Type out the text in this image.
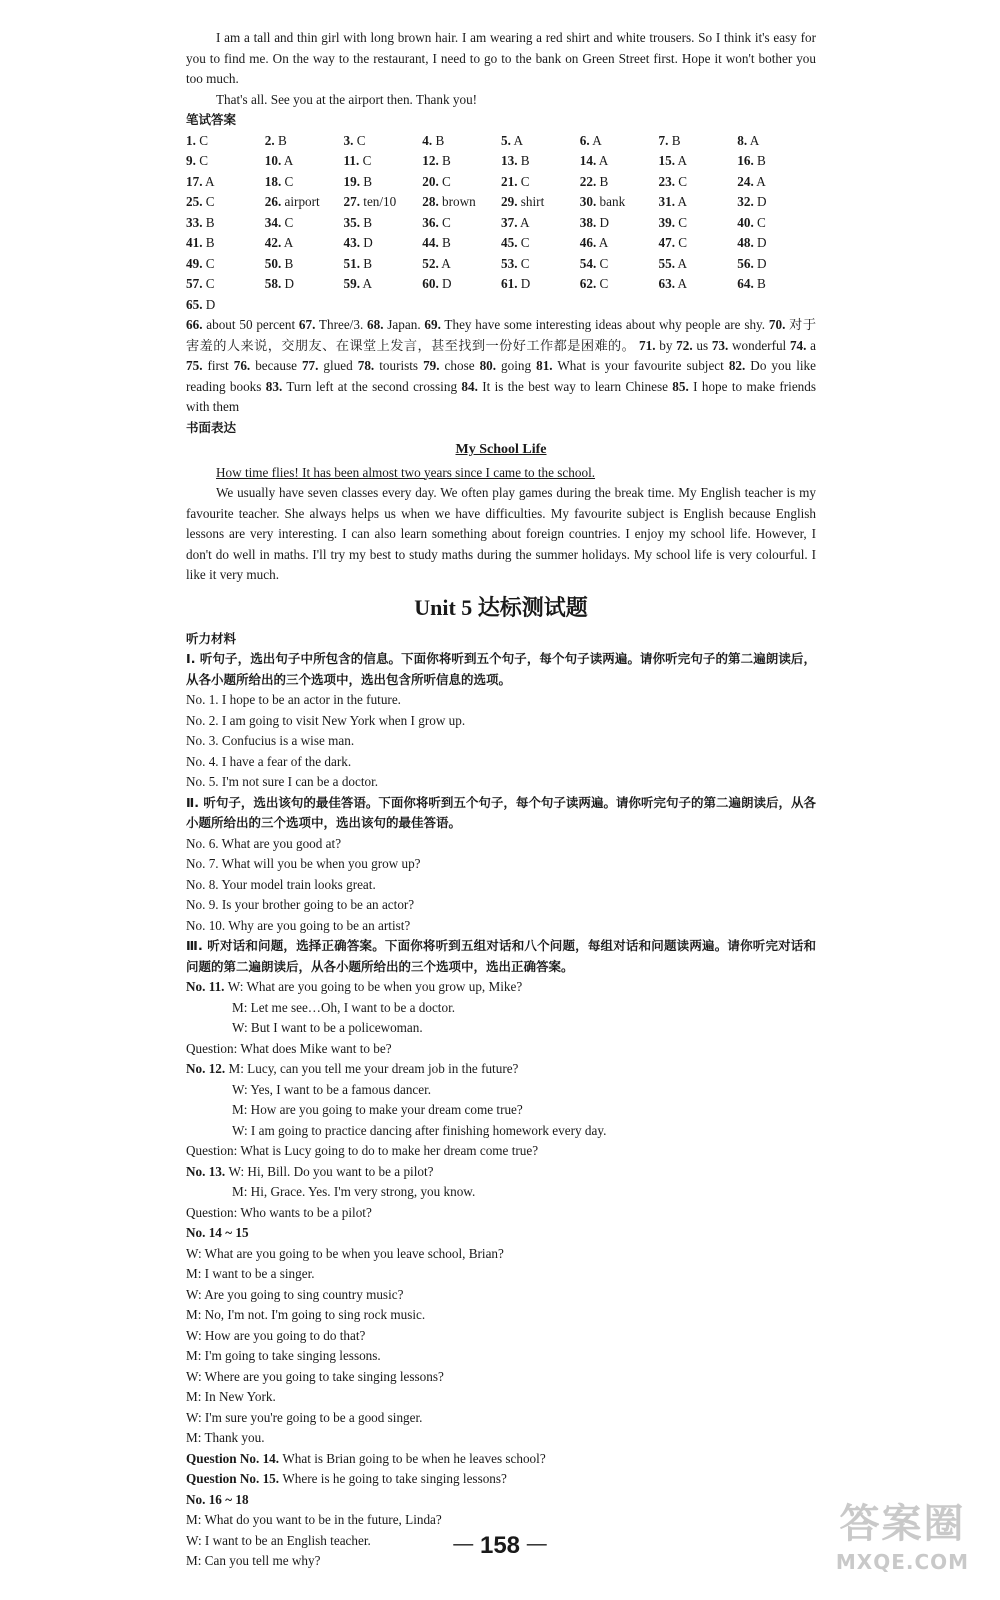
I am a tall and thin girl with long brown hair. I am wearing a red shirt and white trousers. So I think it's easy for you to find me. On the way to the restaurant, I need to go to the bank on Green Street first. Hope it won't bother you too much.

That's all. See you at the airport then. Thank you!

笔试答案

1. C	2. B	3. C	4. B	5. A	6. A	7. B	8. A
9. C	10. A	11. C	12. B	13. B	14. A	15. A	16. B
17. A	18. C	19. B	20. C	21. C	22. B	23. C	24. A
25. C	26. airport	27. ten/10	28. brown	29. shirt	30. bank	31. A	32. D
33. B	34. C	35. B	36. C	37. A	38. D	39. C	40. C
41. B	42. A	43. D	44. B	45. C	46. A	47. C	48. D
49. C	50. B	51. B	52. A	53. C	54. C	55. A	56. D
57. C	58. D	59. A	60. D	61. D	62. C	63. A	64. B
65. D

66. about 50 percent 67. Three/3. 68. Japan. 69. They have some interesting ideas about why people are shy. 70. 对于害羞的人来说，交朋友、在课堂上发言，甚至找到一份好工作都是困难的。 71. by 72. us 73. wonderful 74. a 75. first 76. because 77. glued 78. tourists 79. chose 80. going 81. What is your favourite subject 82. Do you like reading books 83. Turn left at the second crossing 84. It is the best way to learn Chinese 85. I hope to make friends with them

书面表达

My School Life

How time flies! It has been almost two years since I came to the school.

We usually have seven classes every day. We often play games during the break time. My English teacher is my favourite teacher. She always helps us when we have difficulties. My favourite subject is English because English lessons are very interesting. I can also learn something about foreign countries. I enjoy my school life. However, I don't do well in maths. I'll try my best to study maths during the summer holidays. My school life is very colourful. I like it very much.

Unit 5 达标测试题

听力材料

Ⅰ. 听句子，选出句子中所包含的信息。下面你将听到五个句子，每个句子读两遍。请你听完句子的第二遍朗读后，从各小题所给出的三个选项中，选出包含所听信息的选项。

No. 1. I hope to be an actor in the future.

No. 2. I am going to visit New York when I grow up.

No. 3. Confucius is a wise man.

No. 4. I have a fear of the dark.

No. 5. I'm not sure I can be a doctor.

Ⅱ. 听句子，选出该句的最佳答语。下面你将听到五个句子，每个句子读两遍。请你听完句子的第二遍朗读后，从各小题所给出的三个选项中，选出该句的最佳答语。

No. 6. What are you good at?

No. 7. What will you be when you grow up?

No. 8. Your model train looks great.

No. 9. Is your brother going to be an actor?

No. 10. Why are you going to be an artist?

Ⅲ. 听对话和问题，选择正确答案。下面你将听到五组对话和八个问题，每组对话和问题读两遍。请你听完对话和问题的第二遍朗读后，从各小题所给出的三个选项中，选出正确答案。

No. 11. W: What are you going to be when you grow up, Mike?

M: Let me see…Oh, I want to be a doctor.

W: But I want to be a policewoman.

Question: What does Mike want to be?

No. 12. M: Lucy, can you tell me your dream job in the future?

W: Yes, I want to be a famous dancer.

M: How are you going to make your dream come true?

W: I am going to practice dancing after finishing homework every day.

Question: What is Lucy going to do to make her dream come true?

No. 13. W: Hi, Bill. Do you want to be a pilot?

M: Hi, Grace. Yes. I'm very strong, you know.

Question: Who wants to be a pilot?

No. 14 ~ 15

W: What are you going to be when you leave school, Brian?

M: I want to be a singer.

W: Are you going to sing country music?

M: No, I'm not. I'm going to sing rock music.

W: How are you going to do that?

M: I'm going to take singing lessons.

W: Where are you going to take singing lessons?

M: In New York.

W: I'm sure you're going to be a good singer.

M: Thank you.

Question No. 14. What is Brian going to be when he leaves school?

Question No. 15. Where is he going to take singing lessons?

No. 16 ~ 18

M: What do you want to be in the future, Linda?

W: I want to be an English teacher.

M: Can you tell me why?

— 158 —	答案圈
MXQE.COM
